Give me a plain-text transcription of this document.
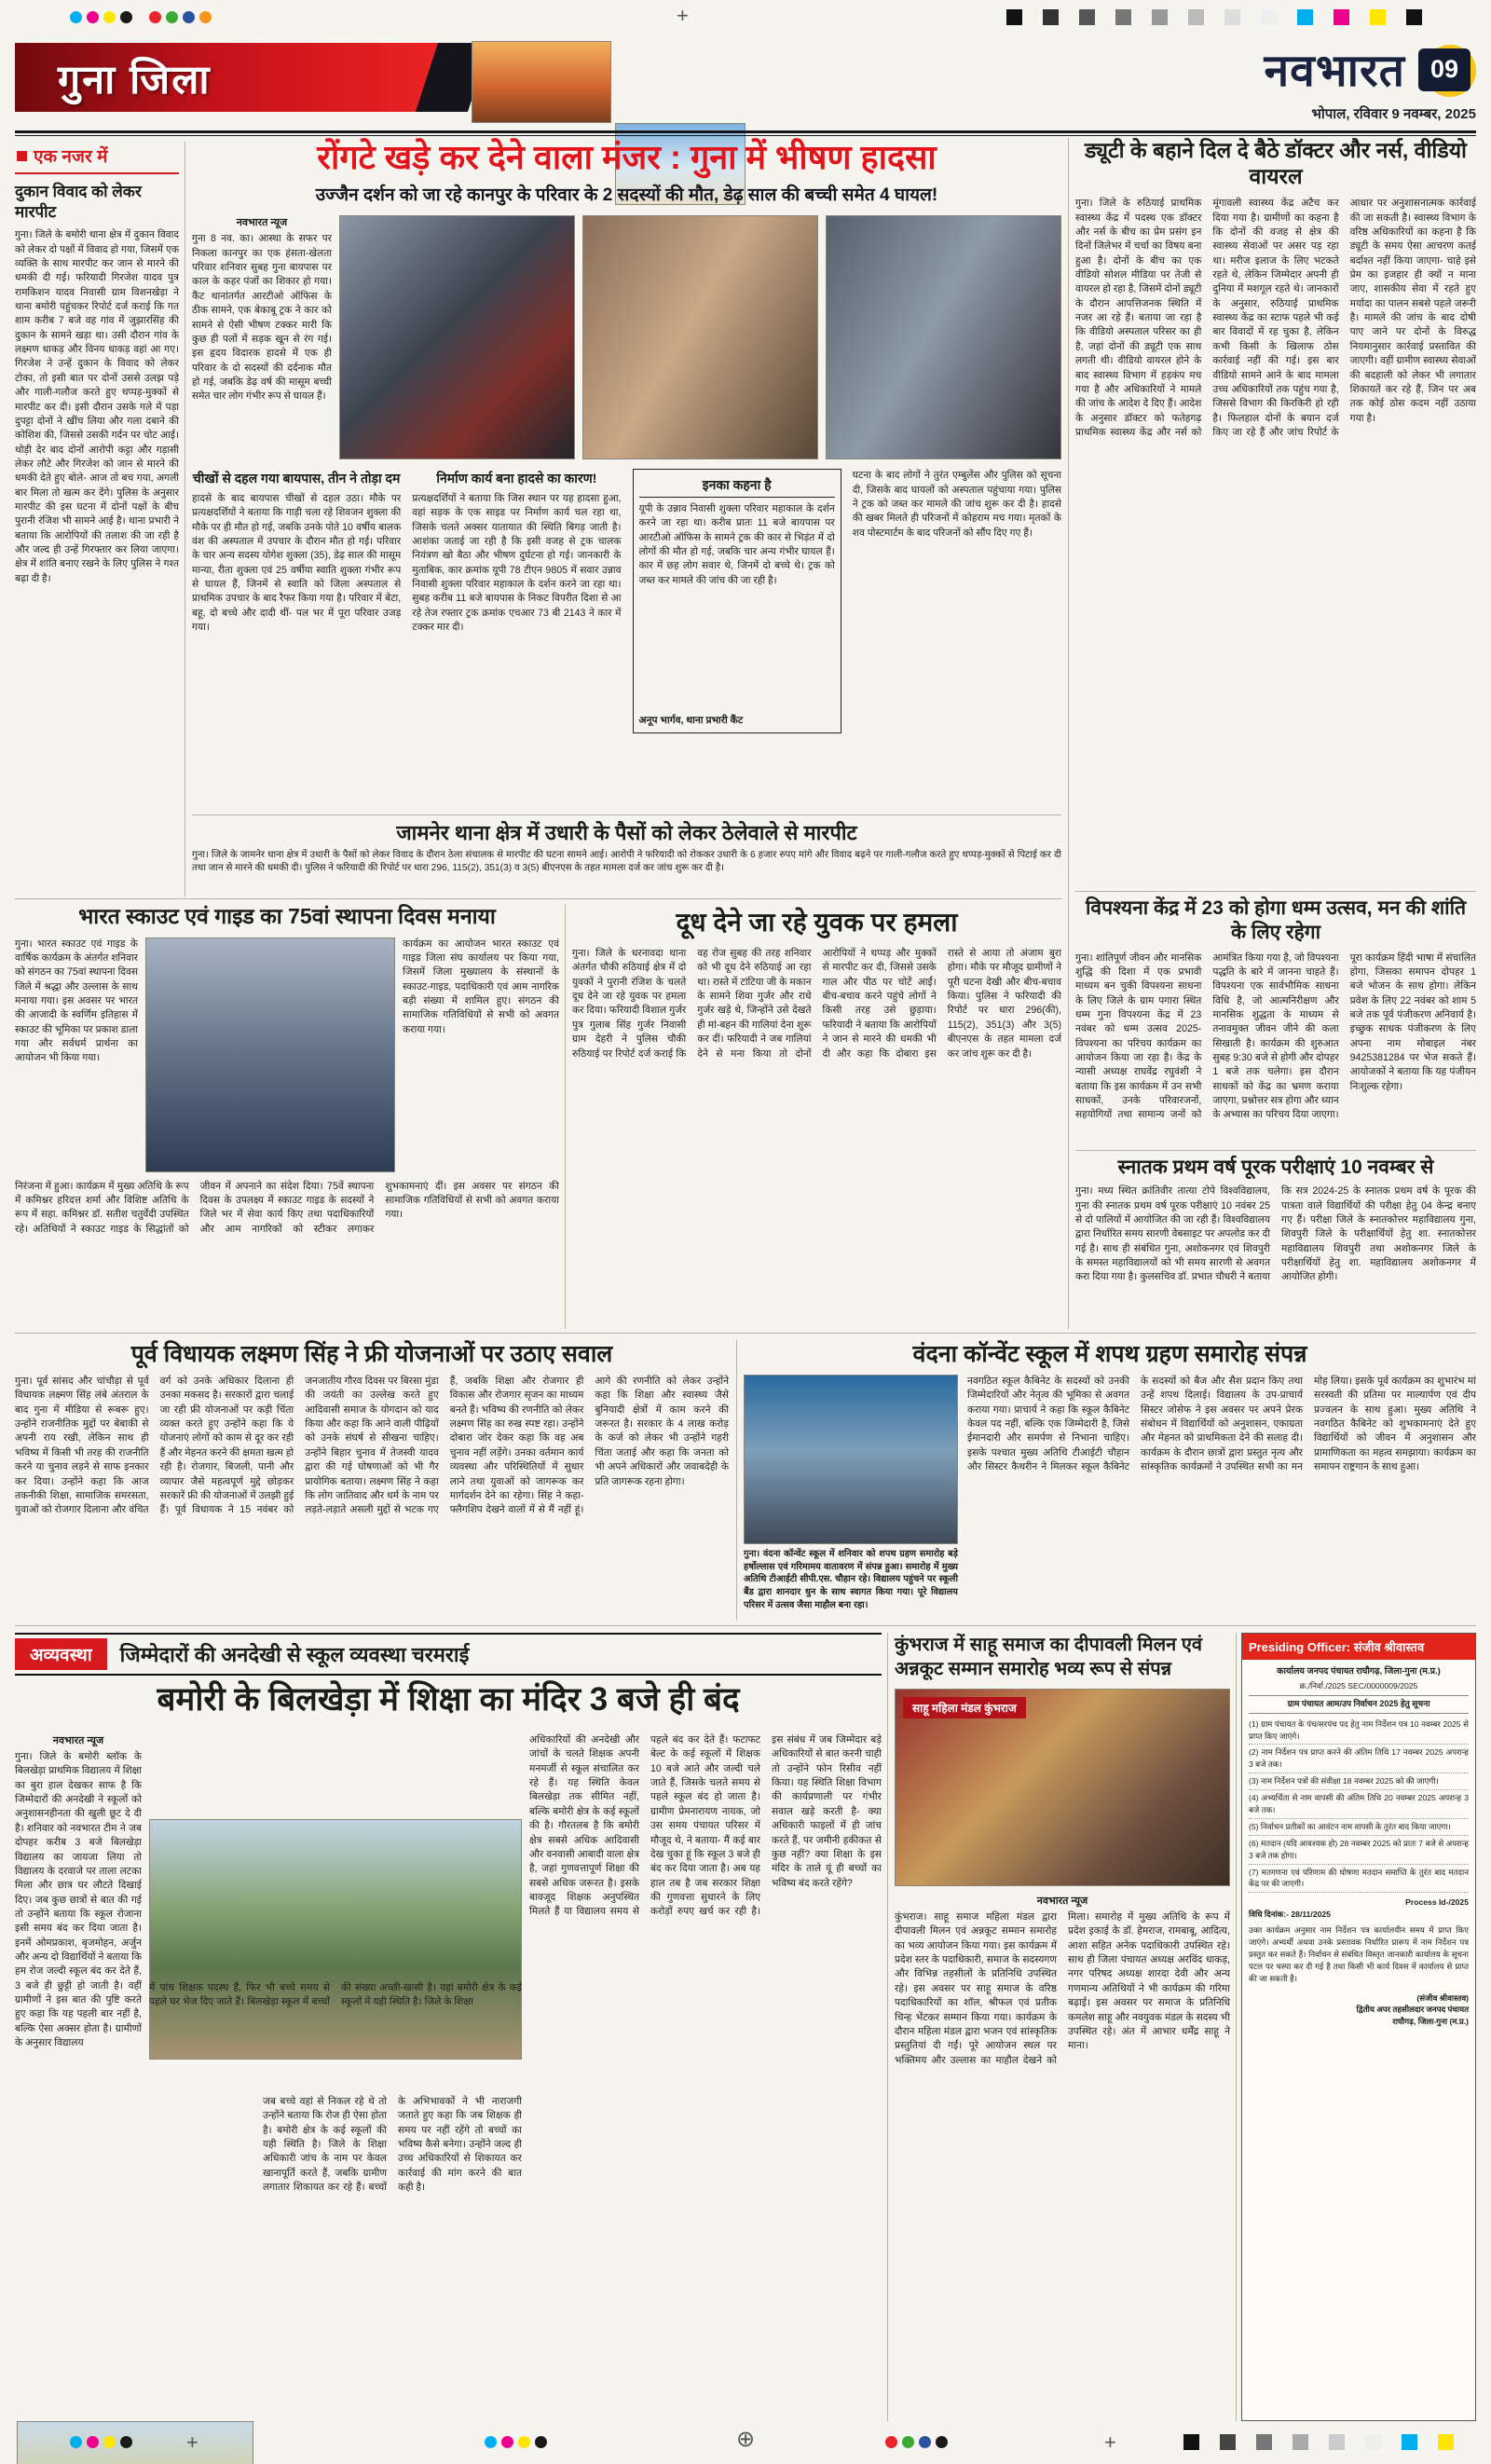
+
गुना जिला	नवभारत 09
भोपाल, रविवार 9 नवम्बर, 2025
एक नजर में
दुकान विवाद को लेकर मारपीट
गुना। जिले के बमोरी थाना क्षेत्र में दुकान विवाद को लेकर दो पक्षों में विवाद हो गया, जिसमें एक व्यक्ति के साथ मारपीट कर जान से मारने की धमकी दी गई। फरियादी गिरजेश यादव पुत्र रामकिशन यादव निवासी ग्राम विशनखेड़ा ने थाना बमोरी पहुंचकर रिपोर्ट दर्ज कराई कि गत शाम करीब 7 बजे वह गांव में जुझारसिंह की दुकान के सामने खड़ा था। उसी दौरान गांव के लक्ष्मण धाकड़ और विनय धाकड़ वहां आ गए। गिरजेश ने उन्हें दुकान के विवाद को लेकर टोका, तो इसी बात पर दोनों उससे उलझ पड़े और गाली-गलौज करते हुए थप्पड़-मुक्कों से मारपीट कर दी। इसी दौरान उसके गले में पड़ा दुपट्टा दोनों ने खींच लिया और गला दबाने की कोशिश की, जिससे उसकी गर्दन पर चोट आई। थोड़ी देर बाद दोनों आरोपी कट्टा और गड़ासी लेकर लौटे और गिरजेश को जान से मारने की धमकी देते हुए बोले- आज तो बच गया, अगली बार मिला तो खत्म कर देंगे। पुलिस के अनुसार मारपीट की इस घटना में दोनों पक्षों के बीच पुरानी रंजिश भी सामने आई है। थाना प्रभारी ने बताया कि आरोपियों की तलाश की जा रही है और जल्द ही उन्हें गिरफ्तार कर लिया जाएगा। क्षेत्र में शांति बनाए रखने के लिए पुलिस ने गश्त बढ़ा दी है।
रोंगटे खड़े कर देने वाला मंजर : गुना में भीषण हादसा
उज्जैन दर्शन को जा रहे कानपुर के परिवार के 2 सदस्यों की मौत, डेढ़ साल की बच्ची समेत 4 घायल!
नवभारत न्यूज
गुना 8 नव. का। आस्था के सफर पर निकला कानपुर का एक हंसता-खेलता परिवार शनिवार सुबह गुना बायपास पर काल के कहर पंजों का शिकार हो गया। कैंट थानांतर्गत आरटीओ ऑफिस के ठीक सामने, एक बेकाबू ट्रक ने कार को सामने से ऐसी भीषण टक्कर मारी कि कुछ ही पलों में सड़क खून से रंग गई। इस हृदय विदारक हादसे में एक ही परिवार के दो सदस्यों की दर्दनाक मौत हो गई, जबकि डेढ़ वर्ष की मासूम बच्ची समेत चार लोग गंभीर रूप से घायल हैं।
चीखों से दहल गया बायपास, तीन ने तोड़ा दम
हादसे के बाद बायपास चीखों से दहल उठा। मौके पर प्रत्यक्षदर्शियों ने बताया कि गाड़ी चला रहे शिवजन शुक्ला की मौके पर ही मौत हो गई, जबकि उनके पोते 10 वर्षीय बालक वंश की अस्पताल में उपचार के दौरान मौत हो गई। परिवार के चार अन्य सदस्य योगेश शुक्ला (35), डेढ़ साल की मासूम मान्या, रीता शुक्ला एवं 25 वर्षीया स्वाति शुक्ला गंभीर रूप से घायल हैं, जिनमें से स्वाति को जिला अस्पताल से प्राथमिक उपचार के बाद रैफर किया गया है। परिवार में बेटा, बहू, दो बच्चे और दादी थीं- पल भर में पूरा परिवार उजड़ गया।
निर्माण कार्य बना हादसे का कारण!
प्रत्यक्षदर्शियों ने बताया कि जिस स्थान पर यह हादसा हुआ, वहां सड़क के एक साइड पर निर्माण कार्य चल रहा था, जिसके चलते अक्सर यातायात की स्थिति बिगड़ जाती है। आशंका जताई जा रही है कि इसी वजह से ट्रक चालक नियंत्रण खो बैठा और भीषण दुर्घटना हो गई। जानकारी के मुताबिक, कार क्रमांक यूपी 78 टीएन 9805 में सवार उन्नाव निवासी शुक्ला परिवार महाकाल के दर्शन करने जा रहा था। सुबह करीब 11 बजे बायपास के निकट विपरीत दिशा से आ रहे तेज रफ्तार ट्रक क्रमांक एचआर 73 बी 2143 ने कार में टक्कर मार दी।
इनका कहना है
यूपी के उन्नाव निवासी शुक्ला परिवार महाकाल के दर्शन करने जा रहा था। करीब प्रातः 11 बजे बायपास पर आरटीओ ऑफिस के सामने ट्रक की कार से भिड़ंत में दो लोगों की मौत हो गई, जबकि चार अन्य गंभीर घायल हैं। कार में छह लोग सवार थे, जिनमें दो बच्चे थे। ट्रक को जब्त कर मामले की जांच की जा रही है।
अनूप भार्गव, थाना प्रभारी कैंट
घटना के बाद लोगों ने तुरंत एम्बुलेंस और पुलिस को सूचना दी, जिसके बाद घायलों को अस्पताल पहुंचाया गया। पुलिस ने ट्रक को जब्त कर मामले की जांच शुरू कर दी है। हादसे की खबर मिलते ही परिजनों में कोहराम मच गया। मृतकों के शव पोस्टमार्टम के बाद परिजनों को सौंप दिए गए हैं।
जामनेर थाना क्षेत्र में उधारी के पैसों को लेकर ठेलेवाले से मारपीट
गुना। जिले के जामनेर थाना क्षेत्र में उधारी के पैसों को लेकर विवाद के दौरान ठेला संचालक से मारपीट की घटना सामने आई। आरोपी ने फरियादी को रोककर उधारी के 6 हजार रुपए मांगे और विवाद बढ़ने पर गाली-गलौज करते हुए थप्पड़-मुक्कों से पिटाई कर दी तथा जान से मारने की धमकी दी। पुलिस ने फरियादी की रिपोर्ट पर धारा 296, 115(2), 351(3) व 3(5) बीएनएस के तहत मामला दर्ज कर जांच शुरू कर दी है।
ड्यूटी के बहाने दिल दे बैठे डॉक्टर और नर्स, वीडियो वायरल
गुना। जिले के रुठियाई प्राथमिक स्वास्थ्य केंद्र में पदस्थ एक डॉक्टर और नर्स के बीच का प्रेम प्रसंग इन दिनों जिलेभर में चर्चा का विषय बना हुआ है। दोनों के बीच का एक वीडियो सोशल मीडिया पर तेजी से वायरल हो रहा है, जिसमें दोनों ड्यूटी के दौरान आपत्तिजनक स्थिति में नजर आ रहे हैं। बताया जा रहा है कि वीडियो अस्पताल परिसर का ही है, जहां दोनों की ड्यूटी एक साथ लगती थी। वीडियो वायरल होने के बाद स्वास्थ्य विभाग में हड़कंप मच गया है और अधिकारियों ने मामले की जांच के आदेश दे दिए हैं। आदेश के अनुसार डॉक्टर को फतेहगढ़ प्राथमिक स्वास्थ्य केंद्र और नर्स को मूंगावली स्वास्थ्य केंद्र अटैच कर दिया गया है। ग्रामीणों का कहना है कि दोनों की वजह से क्षेत्र की स्वास्थ्य सेवाओं पर असर पड़ रहा था। मरीज इलाज के लिए भटकते रहते थे, लेकिन जिम्मेदार अपनी ही दुनिया में मशगूल रहते थे। जानकारों के अनुसार, रुठियाई प्राथमिक स्वास्थ्य केंद्र का स्टाफ पहले भी कई बार विवादों में रह चुका है, लेकिन कभी किसी के खिलाफ ठोस कार्रवाई नहीं की गई। इस बार वीडियो सामने आने के बाद मामला उच्च अधिकारियों तक पहुंच गया है, जिससे विभाग की किरकिरी हो रही है। फिलहाल दोनों के बयान दर्ज किए जा रहे हैं और जांच रिपोर्ट के आधार पर अनुशासनात्मक कार्रवाई की जा सकती है। स्वास्थ्य विभाग के वरिष्ठ अधिकारियों का कहना है कि ड्यूटी के समय ऐसा आचरण कतई बर्दाश्त नहीं किया जाएगा- चाहे इसे प्रेम का इजहार ही क्यों न माना जाए, शासकीय सेवा में रहते हुए मर्यादा का पालन सबसे पहले जरूरी है। मामले की जांच के बाद दोषी पाए जाने पर दोनों के विरुद्ध नियमानुसार कार्रवाई प्रस्तावित की जाएगी। वहीं ग्रामीण स्वास्थ्य सेवाओं की बदहाली को लेकर भी लगातार शिकायतें कर रहे हैं, जिन पर अब तक कोई ठोस कदम नहीं उठाया गया है।
विपश्यना केंद्र में 23 को होगा धम्म उत्सव, मन की शांति के लिए रहेगा
गुना। शांतिपूर्ण जीवन और मानसिक शुद्धि की दिशा में एक प्रभावी माध्यम बन चुकी विपश्यना साधना के लिए जिले के ग्राम पगारा स्थित धम्म गुना विपश्यना केंद्र में 23 नवंबर को धम्म उत्सव 2025- विपश्यना का परिचय कार्यक्रम का आयोजन किया जा रहा है। केंद्र के न्यासी अध्यक्ष राघवेंद्र रघुवंशी ने बताया कि इस कार्यक्रम में उन सभी साधकों, उनके परिवारजनों, सहयोगियों तथा सामान्य जनों को आमंत्रित किया गया है, जो विपश्यना पद्धति के बारे में जानना चाहते हैं। विपश्यना एक सार्वभौमिक साधना विधि है, जो आत्मनिरीक्षण और मानसिक शुद्धता के माध्यम से तनावमुक्त जीवन जीने की कला सिखाती है। कार्यक्रम की शुरुआत सुबह 9:30 बजे से होगी और दोपहर 1 बजे तक चलेगा। इस दौरान साधकों को केंद्र का भ्रमण कराया जाएगा, प्रश्नोत्तर सत्र होगा और ध्यान के अभ्यास का परिचय दिया जाएगा। पूरा कार्यक्रम हिंदी भाषा में संचालित होगा, जिसका समापन दोपहर 1 बजे भोजन के साथ होगा। लेकिन प्रवेश के लिए 22 नवंबर को शाम 5 बजे तक पूर्व पंजीकरण अनिवार्य है। इच्छुक साधक पंजीकरण के लिए अपना नाम मोबाइल नंबर 9425381284 पर भेज सकते हैं। आयोजकों ने बताया कि यह पंजीयन निःशुल्क रहेगा।
स्नातक प्रथम वर्ष पूरक परीक्षाएं 10 नवम्बर से
गुना। मध्य स्थित क्रांतिवीर तात्या टोपे विश्वविद्यालय, गुना की स्नातक प्रथम वर्ष पूरक परीक्षाएं 10 नवंबर 25 से दो पालियों में आयोजित की जा रही हैं। विश्वविद्यालय द्वारा निर्धारित समय सारणी वेबसाइट पर अपलोड कर दी गई है। साथ ही संबंधित गुना, अशोकनगर एवं शिवपुरी के समस्त महाविद्यालयों को भी समय सारणी से अवगत करा दिया गया है। कुलसचिव डॉ. प्रभात चौधरी ने बताया कि सत्र 2024-25 के स्नातक प्रथम वर्ष के पूरक की पात्रता वाले विद्यार्थियों की परीक्षा हेतु 04 केन्द्र बनाए गए हैं। परीक्षा जिले के स्नातकोत्तर महाविद्यालय गुना, शिवपुरी जिले के परीक्षार्थियों हेतु शा. स्नातकोत्तर महाविद्यालय शिवपुरी तथा अशोकनगर जिले के परीक्षार्थियों हेतु शा. महाविद्यालय अशोकनगर में आयोजित होगी।
भारत स्काउट एवं गाइड का 75वां स्थापना दिवस मनाया
गुना। भारत स्काउट एवं गाइड के वार्षिक कार्यक्रम के अंतर्गत शनिवार को संगठन का 75वां स्थापना दिवस जिले में श्रद्धा और उल्लास के साथ मनाया गया। इस अवसर पर भारत की आजादी के स्वर्णिम इतिहास में स्काउट की भूमिका पर प्रकाश डाला गया और सर्वधर्म प्रार्थना का आयोजन भी किया गया।
कार्यक्रम का आयोजन भारत स्काउट एवं गाइड जिला संघ कार्यालय पर किया गया, जिसमें जिला मुख्यालय के संस्थानों के स्काउट-गाइड, पदाधिकारी एवं आम नागरिक बड़ी संख्या में शामिल हुए। संगठन की सामाजिक गतिविधियों से सभी को अवगत कराया गया।
निरंजना में हुआ। कार्यक्रम में मुख्य अतिथि के रूप में कमिश्नर हरिदत्त शर्मा और विशिष्ट अतिथि के रूप में सहा. कमिश्नर डॉ. सतीश चतुर्वेदी उपस्थित रहे। अतिथियों ने स्काउट गाइड के सिद्धांतों को जीवन में अपनाने का संदेश दिया। 75वें स्थापना दिवस के उपलक्ष्य में स्काउट गाइड के सदस्यों ने जिले भर में सेवा कार्य किए तथा पदाधिकारियों और आम नागरिकों को स्टीकर लगाकर शुभकामनाएं दीं। इस अवसर पर संगठन की सामाजिक गतिविधियों से सभी को अवगत कराया गया।
दूध देने जा रहे युवक पर हमला
गुना। जिले के धरनावदा थाना अंतर्गत चौकी रुठियाई क्षेत्र में दो युवकों ने पुरानी रंजिश के चलते दूध देने जा रहे युवक पर हमला कर दिया। फरियादी विशाल गुर्जर पुत्र गुलाब सिंह गुर्जर निवासी ग्राम देहरी ने पुलिस चौकी रुठियाई पर रिपोर्ट दर्ज कराई कि वह रोज सुबह की तरह शनिवार को भी दूध देने रुठियाई आ रहा था। रास्ते में टांटिया जी के मकान के सामने शिवा गुर्जर और राधे गुर्जर खड़े थे, जिन्होंने उसे देखते ही मां-बहन की गालियां देना शुरू कर दीं। फरियादी ने जब गालियां देने से मना किया तो दोनों आरोपियों ने थप्पड़ और मुक्कों से मारपीट कर दी, जिससे उसके गाल और पीठ पर चोटें आईं। बीच-बचाव करने पहुंचे लोगों ने किसी तरह उसे छुड़ाया। फरियादी ने बताया कि आरोपियों ने जान से मारने की धमकी भी दी और कहा कि दोबारा इस रास्ते से आया तो अंजाम बुरा होगा। मौके पर मौजूद ग्रामीणों ने पूरी घटना देखी और बीच-बचाव किया। पुलिस ने फरियादी की रिपोर्ट पर धारा 296(की), 115(2), 351(3) और 3(5) बीएनएस के तहत मामला दर्ज कर जांच शुरू कर दी है।
पूर्व विधायक लक्ष्मण सिंह ने फ्री योजनाओं पर उठाए सवाल
गुना। पूर्व सांसद और चांचौड़ा से पूर्व विधायक लक्ष्मण सिंह लंबे अंतराल के बाद गुना में मीडिया से रूबरू हुए। उन्होंने राजनीतिक मुद्दों पर बेबाकी से अपनी राय रखी, लेकिन साथ ही भविष्य में किसी भी तरह की राजनीति करने या चुनाव लड़ने से साफ इनकार कर दिया। उन्होंने कहा कि आज तकनीकी शिक्षा, सामाजिक समरसता, युवाओं को रोजगार दिलाना और वंचित वर्ग को उनके अधिकार दिलाना ही उनका मकसद है। सरकारों द्वारा चलाई जा रही फ्री योजनाओं पर कड़ी चिंता व्यक्त करते हुए उन्होंने कहा कि ये योजनाएं लोगों को काम से दूर कर रही हैं और मेहनत करने की क्षमता खत्म हो रही है। रोजगार, बिजली, पानी और व्यापार जैसे महत्वपूर्ण मुद्दे छोड़कर सरकारें फ्री की योजनाओं में उलझी हुई हैं। पूर्व विधायक ने 15 नवंबर को जनजातीय गौरव दिवस पर बिरसा मुंडा की जयंती का उल्लेख करते हुए आदिवासी समाज के योगदान को याद किया और कहा कि आने वाली पीढ़ियों को उनके संघर्ष से सीखना चाहिए। उन्होंने बिहार चुनाव में तेजस्वी यादव द्वारा की गई घोषणाओं को भी गैर प्रायोगिक बताया। लक्ष्मण सिंह ने कहा कि लोग जातिवाद और धर्म के नाम पर लड़ते-लड़ाते असली मुद्दों से भटक गए हैं, जबकि शिक्षा और रोजगार ही विकास और रोजगार सृजन का माध्यम बनते हैं। भविष्य की रणनीति को लेकर लक्ष्मण सिंह का रुख स्पष्ट रहा। उन्होंने दोबारा जोर देकर कहा कि वह अब चुनाव नहीं लड़ेंगे। उनका वर्तमान कार्य व्यवस्था और परिस्थितियों में सुधार लाने तथा युवाओं को जागरूक कर मार्गदर्शन देने का रहेगा। सिंह ने कहा- फ्लैगशिप देखने वालों में से मैं नहीं हूं। आगे की रणनीति को लेकर उन्होंने कहा कि शिक्षा और स्वास्थ्य जैसे बुनियादी क्षेत्रों में काम करने की जरूरत है। सरकार के 4 लाख करोड़ के कर्ज को लेकर भी उन्होंने गहरी चिंता जताई और कहा कि जनता को भी अपने अधिकारों और जवाबदेही के प्रति जागरूक रहना होगा।
वंदना कॉन्वेंट स्कूल में शपथ ग्रहण समारोह संपन्न
गुना। वंदना कॉन्वेंट स्कूल में शनिवार को शपथ ग्रहण समारोह बड़े हर्षोल्लास एवं गरिमामय वातावरण में संपन्न हुआ। समारोह में मुख्य अतिथि टीआईटी सीपी.एस. चौहान रहे। विद्यालय पहुंचने पर स्कूली बैंड द्वारा शानदार धुन के साथ स्वागत किया गया। पूरे विद्यालय परिसर में उत्सव जैसा माहौल बना रहा।
नवगठित स्कूल कैबिनेट के सदस्यों को उनकी जिम्मेदारियों और नेतृत्व की भूमिका से अवगत कराया गया। प्राचार्य ने कहा कि स्कूल कैबिनेट केवल पद नहीं, बल्कि एक जिम्मेदारी है, जिसे ईमानदारी और समर्पण से निभाना चाहिए। इसके पश्चात मुख्य अतिथि टीआईटी चौहान और सिस्टर कैथरीन ने मिलकर स्कूल कैबिनेट के सदस्यों को बैज और सैश प्रदान किए तथा उन्हें शपथ दिलाई। विद्यालय के उप-प्राचार्य सिस्टर जोसेफ ने इस अवसर पर अपने प्रेरक संबोधन में विद्यार्थियों को अनुशासन, एकाग्रता और मेहनत को प्राथमिकता देने की सलाह दी। कार्यक्रम के दौरान छात्रों द्वारा प्रस्तुत नृत्य और सांस्कृतिक कार्यक्रमों ने उपस्थित सभी का मन मोह लिया। इसके पूर्व कार्यक्रम का शुभारंभ मां सरस्वती की प्रतिमा पर माल्यार्पण एवं दीप प्रज्वलन के साथ हुआ। मुख्य अतिथि ने नवगठित कैबिनेट को शुभकामनाएं देते हुए विद्यार्थियों को जीवन में अनुशासन और प्रामाणिकता का महत्व समझाया। कार्यक्रम का समापन राष्ट्रगान के साथ हुआ।
अव्यवस्था	जिम्मेदारों की अनदेखी से स्कूल व्यवस्था चरमराई
बमोरी के बिलखेड़ा में शिक्षा का मंदिर 3 बजे ही बंद
नवभारत न्यूज
गुना। जिले के बमोरी ब्लॉक के बिलखेड़ा प्राथमिक विद्यालय में शिक्षा का बुरा हाल देखकर साफ है कि जिम्मेदारों की अनदेखी ने स्कूलों को अनुशासनहीनता की खुली छूट दे दी है। शनिवार को नवभारत टीम ने जब दोपहर करीब 3 बजे बिलखेड़ा विद्यालय का जायजा लिया तो विद्यालय के दरवाजे पर ताला लटका मिला और छात्र घर लौटते दिखाई दिए। जब कुछ छात्रों से बात की गई तो उन्होंने बताया कि स्कूल रोजाना इसी समय बंद कर दिया जाता है। इनमें ओमप्रकाश, बृजमोहन, अर्जुन और अन्य दो विद्यार्थियों ने बताया कि हम रोज जल्दी स्कूल बंद कर देते हैं, 3 बजे ही छुट्टी हो जाती है। वहीं ग्रामीणों ने इस बात की पुष्टि करते हुए कहा कि यह पहली बार नहीं है, बल्कि ऐसा अक्सर होता है। ग्रामीणों के अनुसार विद्यालय
में पांच शिक्षक पदस्थ हैं, फिर भी बच्चे समय से पहले घर भेज दिए जाते हैं। बिलखेड़ा स्कूल में बच्चों की संख्या अच्छी-खासी है। यहां बमोरी क्षेत्र के कई स्कूलों में यही स्थिति है। जिले के शिक्षा
जब बच्चे वहां से निकल रहे थे तो उन्होंने बताया कि रोज ही ऐसा होता है। बमोरी क्षेत्र के कई स्कूलों की यही स्थिति है। जिले के शिक्षा अधिकारी जांच के नाम पर केवल खानापूर्ति करते हैं, जबकि ग्रामीण लगातार शिकायत कर रहे हैं। बच्चों के अभिभावकों ने भी नाराजगी जताते हुए कहा कि जब शिक्षक ही समय पर नहीं रहेंगे तो बच्चों का भविष्य कैसे बनेगा। उन्होंने जल्द ही उच्च अधिकारियों से शिकायत कर कार्रवाई की मांग करने की बात कही है।
अधिकारियों की अनदेखी और जांचों के चलते शिक्षक अपनी मनमर्जी से स्कूल संचालित कर रहे हैं। यह स्थिति केवल बिलखेड़ा तक सीमित नहीं, बल्कि बमोरी क्षेत्र के कई स्कूलों की है। गौरतलब है कि बमोरी क्षेत्र सबसे अधिक आदिवासी और वनवासी आबादी वाला क्षेत्र है, जहां गुणवत्तापूर्ण शिक्षा की सबसे अधिक जरूरत है। इसके बावजूद शिक्षक अनुपस्थित मिलते हैं या विद्यालय समय से पहले बंद कर देते हैं। फटाफट बेल्ट के कई स्कूलों में शिक्षक 10 बजे आते और जल्दी चले जाते हैं, जिसके चलते समय से पहले स्कूल बंद हो जाता है। ग्रामीण प्रेमनारायण नायक, जो उस समय पंचायत परिसर में मौजूद थे, ने बताया- मैं कई बार देख चुका हूं कि स्कूल 3 बजे ही बंद कर दिया जाता है। अब यह हाल तब है जब सरकार शिक्षा की गुणवत्ता सुधारने के लिए करोड़ों रुपए खर्च कर रही है। इस संबंध में जब जिम्मेदार बड़े अधिकारियों से बात करनी चाही तो उन्होंने फोन रिसीव नहीं किया। यह स्थिति शिक्षा विभाग की कार्यप्रणाली पर गंभीर सवाल खड़े करती है- क्या अधिकारी फाइलों में ही जांच करते हैं, पर जमीनी हकीकत से कुछ नहीं? क्या शिक्षा के इस मंदिर के ताले यूं ही बच्चों का भविष्य बंद करते रहेंगे?
कुंभराज में साहू समाज का दीपावली मिलन एवं अन्नकूट सम्मान समारोह भव्य रूप से संपन्न
साहू महिला मंडल कुंभराज
नवभारत न्यूज
कुंभराज। साहू समाज महिला मंडल द्वारा दीपावली मिलन एवं अन्नकूट सम्मान समारोह का भव्य आयोजन किया गया। इस कार्यक्रम में प्रदेश स्तर के पदाधिकारी, समाज के सदस्यगण और विभिन्न तहसीलों के प्रतिनिधि उपस्थित रहे। इस अवसर पर साहू समाज के वरिष्ठ पदाधिकारियों का शॉल, श्रीफल एवं प्रतीक चिन्ह भेंटकर सम्मान किया गया। कार्यक्रम के दौरान महिला मंडल द्वारा भजन एवं सांस्कृतिक प्रस्तुतियां दी गईं। पूरे आयोजन स्थल पर भक्तिमय और उल्लास का माहौल देखने को मिला। समारोह में मुख्य अतिथि के रूप में प्रदेश इकाई के डॉ. हेमराज, रामबाबू, आदित्य, आशा सहित अनेक पदाधिकारी उपस्थित रहे। साथ ही जिला पंचायत अध्यक्ष अरविंद धाकड़, नगर परिषद अध्यक्ष शारदा देवी और अन्य गणमान्य अतिथियों ने भी कार्यक्रम की गरिमा बढ़ाई। इस अवसर पर समाज के प्रतिनिधि कमलेश साहू और नवयुवक मंडल के सदस्य भी उपस्थित रहे। अंत में आभार धर्मेंद्र साहू ने माना।
Presiding Officer: संजीव श्रीवास्तव
कार्यालय जनपद पंचायत राघौगढ़, जिला-गुना (म.प्र.)
क्र./निर्वा./2025 SEC/0000009/2025
ग्राम पंचायत आम/उप निर्वाचन 2025 हेतु सूचना
(1) ग्राम पंचायत के पंच/सरपंच पद हेतु नाम निर्देशन पत्र 10 नवम्बर 2025 से प्राप्त किए जाएंगे।
(2) नाम निर्देशन पत्र प्राप्त करने की अंतिम तिथि 17 नवम्बर 2025 अपरान्ह 3 बजे तक।
(3) नाम निर्देशन पत्रों की संवीक्षा 18 नवम्बर 2025 को की जाएगी।
(4) अभ्यर्थिता से नाम वापसी की अंतिम तिथि 20 नवम्बर 2025 अपरान्ह 3 बजे तक।
(5) निर्वाचन प्रतीकों का आवंटन नाम वापसी के तुरंत बाद किया जाएगा।
(6) मतदान (यदि आवश्यक हो) 28 नवम्बर 2025 को प्रातः 7 बजे से अपरान्ह 3 बजे तक होगा।
(7) मतगणना एवं परिणाम की घोषणा मतदान समाप्ति के तुरंत बाद मतदान केंद्र पर की जाएगी।
Process Id-/2025
विधि दिनांक:- 28/11/2025
उक्त कार्यक्रम अनुसार नाम निर्देशन पत्र कार्यालयीन समय में प्राप्त किए जाएंगे। अभ्यर्थी अथवा उनके प्रस्तावक निर्धारित प्रारूप में नाम निर्देशन पत्र प्रस्तुत कर सकते हैं। निर्वाचन से संबंधित विस्तृत जानकारी कार्यालय के सूचना पटल पर चस्पा कर दी गई है तथा किसी भी कार्य दिवस में कार्यालय से प्राप्त की जा सकती है।
(संजीव श्रीवास्तव)
द्वितीय अपर तहसीलदार जनपद पंचायत
राघौगढ़, जिला-गुना (म.प्र.)
+	⊕	+
